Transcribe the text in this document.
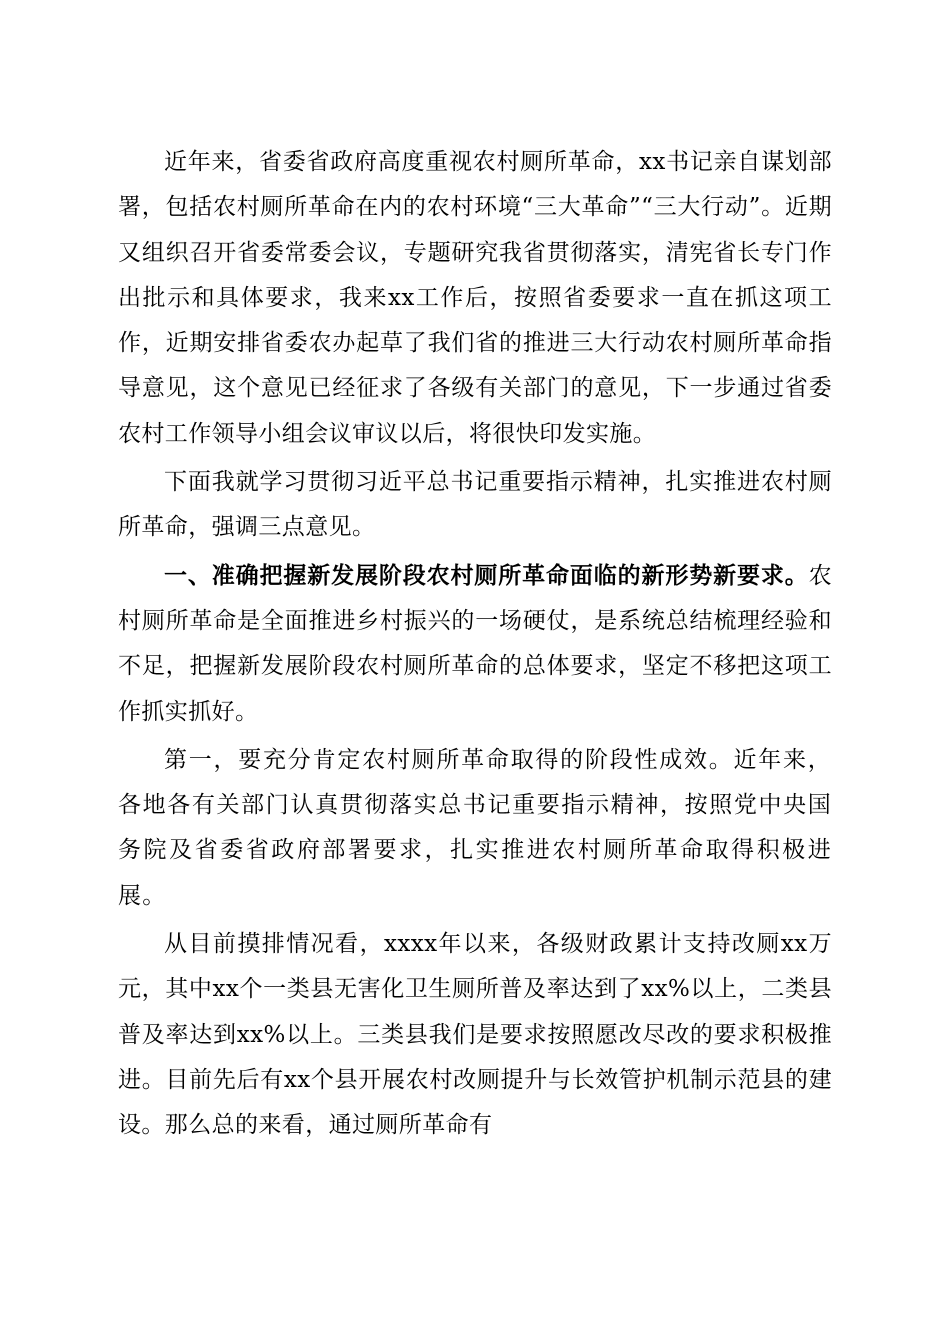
近年来，省委省政府高度重视农村厕所革命，xx书记亲自谋划部署，包括农村厕所革命在内的农村环境“三大革命”“三大行动”。近期又组织召开省委常委会议，专题研究我省贯彻落实，清宪省长专门作出批示和具体要求，我来xx工作后，按照省委要求一直在抓这项工作，近期安排省委农办起草了我们省的推进三大行动农村厕所革命指导意见，这个意见已经征求了各级有关部门的意见，下一步通过省委农村工作领导小组会议审议以后，将很快印发实施。

下面我就学习贯彻习近平总书记重要指示精神，扎实推进农村厕所革命，强调三点意见。

一、准确把握新发展阶段农村厕所革命面临的新形势新要求。农村厕所革命是全面推进乡村振兴的一场硬仗，是系统总结梳理经验和不足，把握新发展阶段农村厕所革命的总体要求，坚定不移把这项工作抓实抓好。

第一，要充分肯定农村厕所革命取得的阶段性成效。近年来，各地各有关部门认真贯彻落实总书记重要指示精神，按照党中央国务院及省委省政府部署要求，扎实推进农村厕所革命取得积极进展。

从目前摸排情况看，xxxx年以来，各级财政累计支持改厕xx万元，其中xx个一类县无害化卫生厕所普及率达到了xx%以上，二类县普及率达到xx%以上。三类县我们是要求按照愿改尽改的要求积极推进。目前先后有xx个县开展农村改厕提升与长效管护机制示范县的建设。那么总的来看，通过厕所革命有
